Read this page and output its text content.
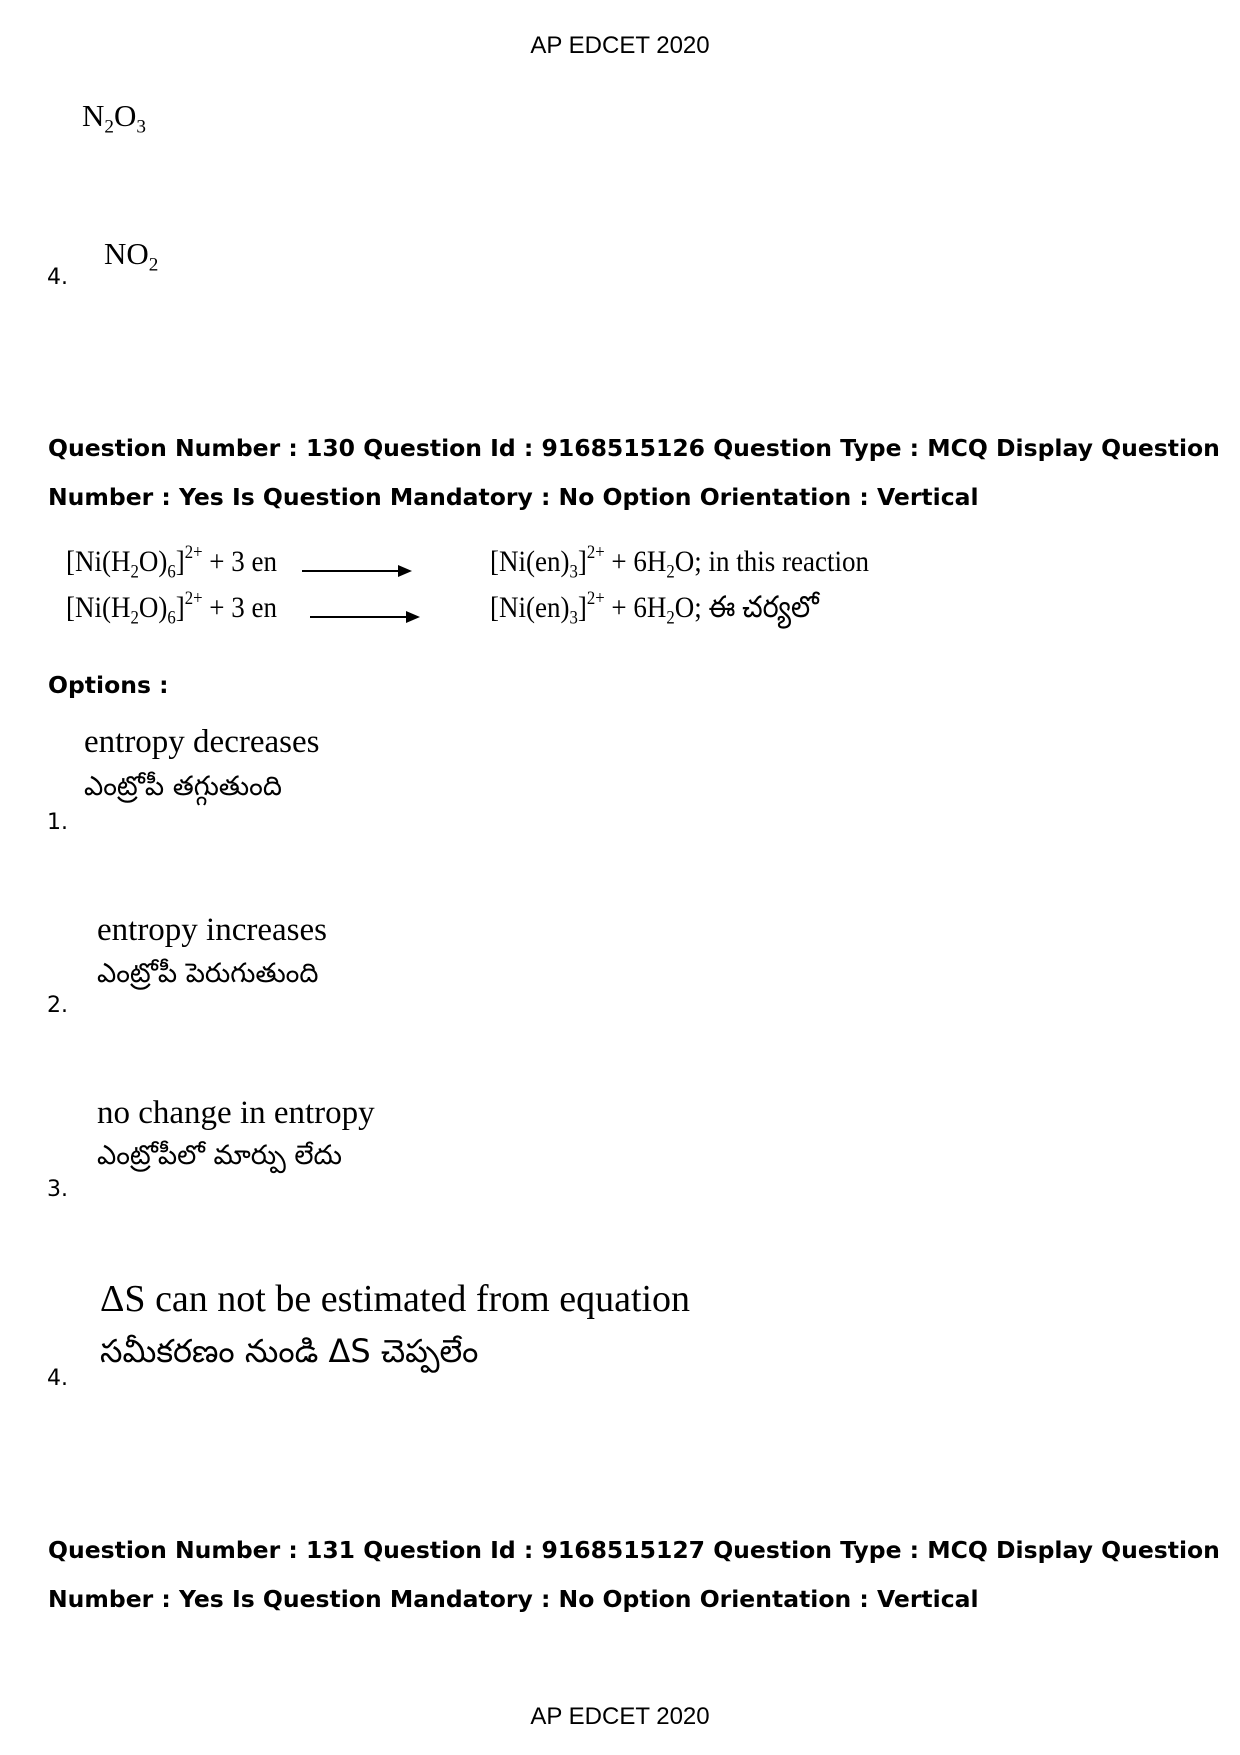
AP EDCET 2020
$N_2O_3$
4.
$NO_2$
Question Number : 130 Question Id : 9168515126 Question Type : MCQ Display Question
Number : Yes Is Question Mandatory : No Option Orientation : Vertical
$[Ni(H_2O)_6]^{2+} + 3$ en	$[Ni(en)_3]^{2+} + 6H_2O$; in this reaction
$[Ni(H_2O)_6]^{2+} + 3$ en	$[Ni(en)_3]^{2+} + 6H_2O$; ఈ చర్యలో
Options :
entropy decreases
ఎంట్రోపీ తగ్గుతుంది
1.
entropy increases
ఎంట్రోపీ పెరుగుతుంది
2.
no change in entropy
ఎంట్రోపీలో మార్పు లేదు
3.
ΔS can not be estimated from equation
సమీకరణం నుండి ΔS చెప్పలేం
4.
Question Number : 131 Question Id : 9168515127 Question Type : MCQ Display Question
Number : Yes Is Question Mandatory : No Option Orientation : Vertical
AP EDCET 2020
